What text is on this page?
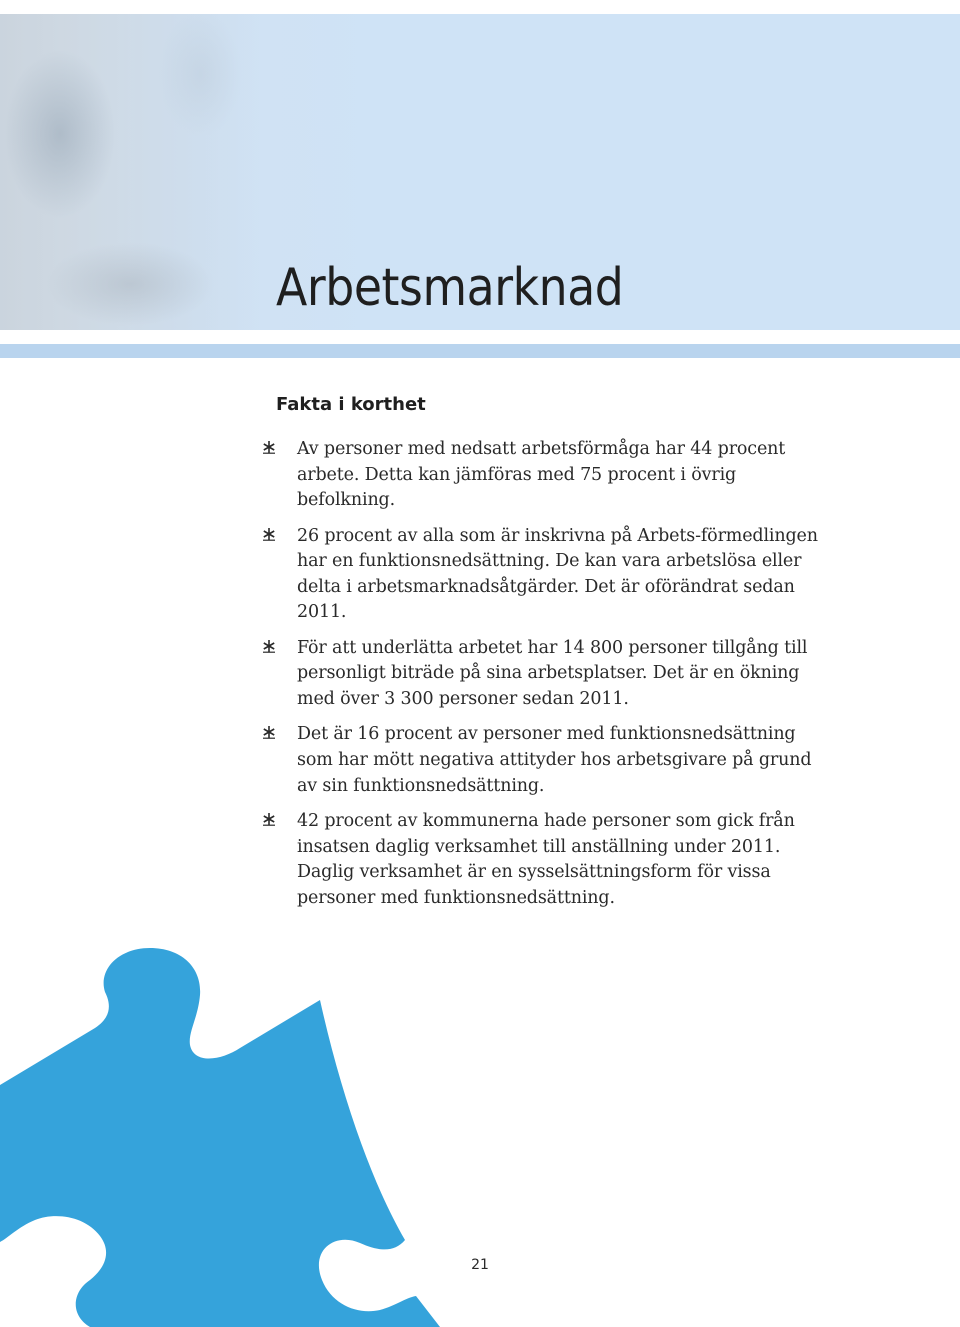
Arbetsmarknad
Fakta i korthet
Av personer med nedsatt arbetsförmåga har 44 procent arbete. Detta kan jämföras med 75 procent i övrig befolkning.
26 procent av alla som är inskrivna på Arbets-förmedlingen har en funktionsnedsättning. De kan vara arbetslösa eller delta i arbetsmarknadsåtgärder. Det är oförändrat sedan 2011.
För att underlätta arbetet har 14 800 personer tillgång till personligt biträde på sina arbetsplatser. Det är en ökning med över 3 300 personer sedan 2011.
Det är 16 procent av personer med funktionsnedsättning som har mött negativa attityder hos arbetsgivare på grund av sin funktionsnedsättning.
42 procent av kommunerna hade personer som gick från insatsen daglig verksamhet till anställning under 2011. Daglig verksamhet är en sysselsättningsform för vissa personer med funktionsnedsättning.
21
